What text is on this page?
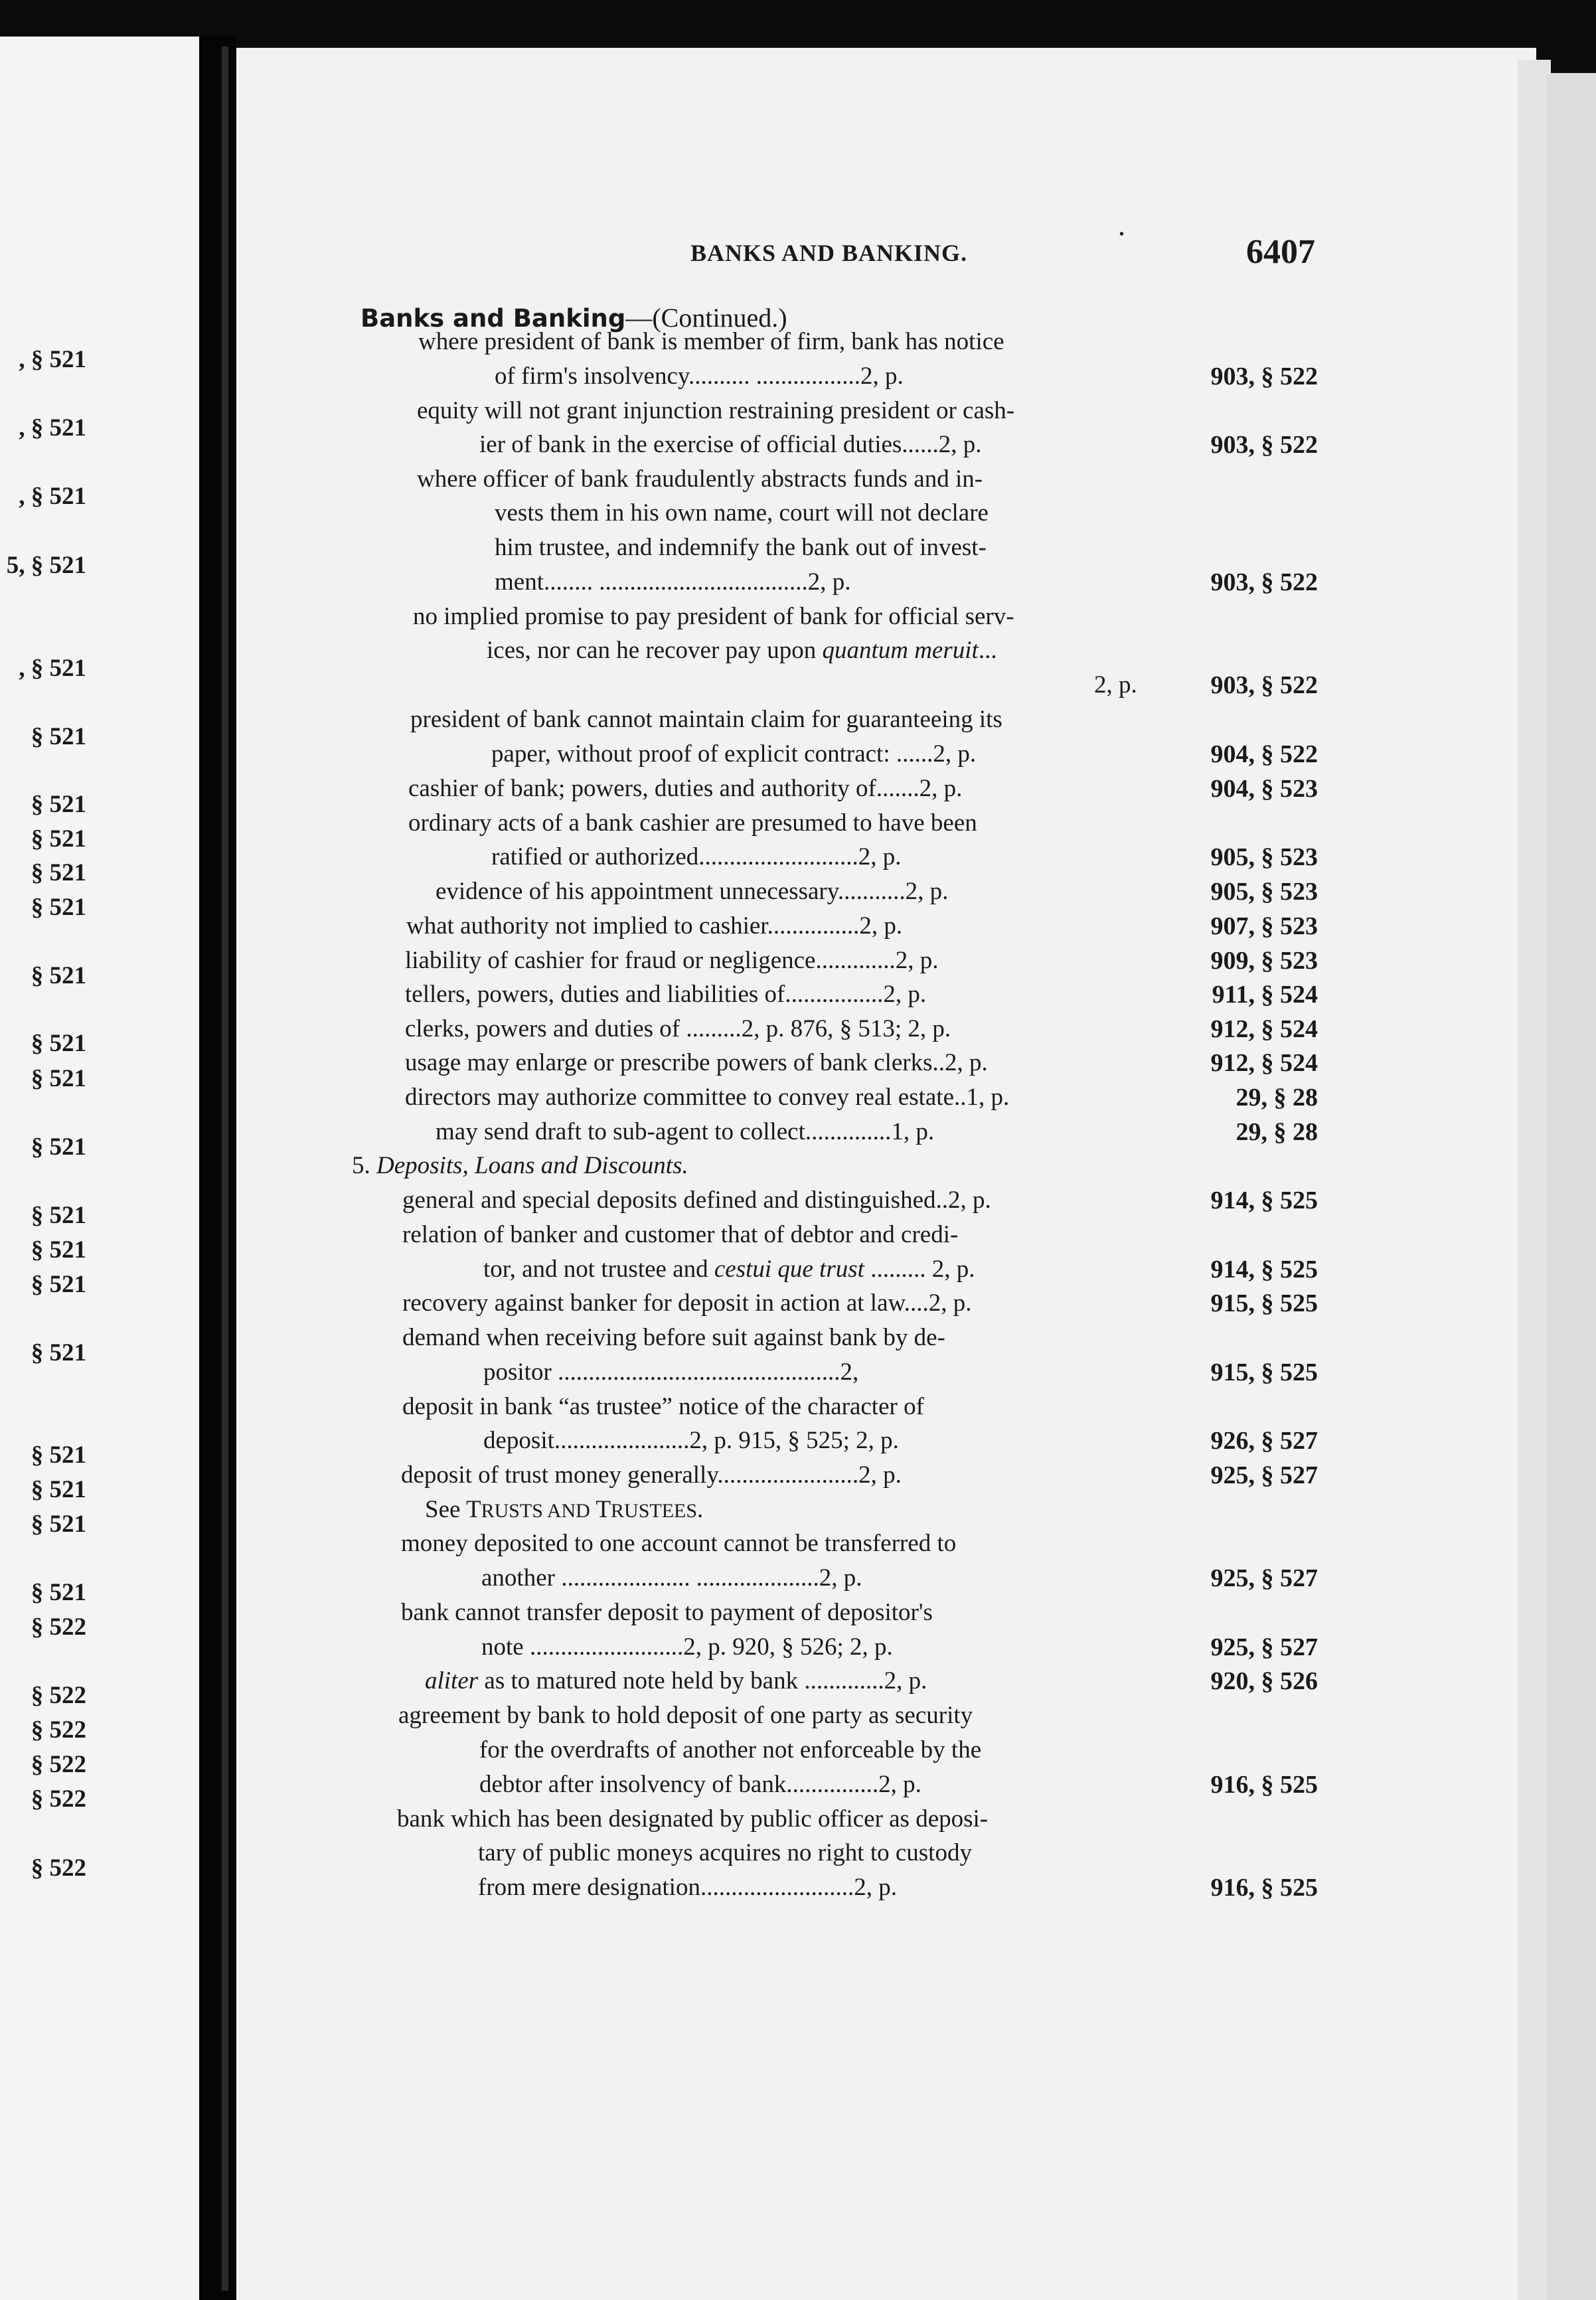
, § 521
, § 521
, § 521
5, § 521
, § 521
§ 521
§ 521
§ 521
§ 521
§ 521
§ 521
§ 521
§ 521
§ 521
§ 521
§ 521
§ 521
§ 521
§ 521
§ 521
§ 521
§ 521
§ 522
§ 522
§ 522
§ 522
§ 522
§ 522
BANKS AND BANKING.
•	6407
Banks and Banking—(Continued.)
where president of bank is member of firm, bank has notice
of firm's insolvency.......... .................2, p.
equity will not grant injunction restraining president or cash-
ier of bank in the exercise of official duties......2, p.
where officer of bank fraudulently abstracts funds and in-
vests them in his own name, court will not declare
him trustee, and indemnify the bank out of invest-
ment........ ..................................2, p.
no implied promise to pay president of bank for official serv-
ices, nor can he recover pay upon quantum meruit...
2, p.
president of bank cannot maintain claim for guaranteeing its
paper, without proof of explicit contract: ......2, p.
cashier of bank; powers, duties and authority of.......2, p.
ordinary acts of a bank cashier are presumed to have been
ratified or authorized..........................2, p.
evidence of his appointment unnecessary...........2, p.
what authority not implied to cashier...............2, p.
liability of cashier for fraud or negligence.............2, p.
tellers, powers, duties and liabilities of................2, p.
clerks, powers and duties of .........2, p. 876, § 513; 2, p.
usage may enlarge or prescribe powers of bank clerks..2, p.
directors may authorize committee to convey real estate..1, p.
may send draft to sub-agent to collect..............1, p.
5. Deposits, Loans and Discounts.
general and special deposits defined and distinguished..2, p.
relation of banker and customer that of debtor and credi-
tor, and not trustee and cestui que trust ......... 2, p.
recovery against banker for deposit in action at law....2, p.
demand when receiving before suit against bank by de-
positor ..............................................2,
deposit in bank “as trustee” notice of the character of
deposit......................2, p. 915, § 525; 2, p.
deposit of trust money generally.......................2, p.
See TRUSTS AND TRUSTEES.
money deposited to one account cannot be transferred to
another ..................... ....................2, p.
bank cannot transfer deposit to payment of depositor's
note .........................2, p. 920, § 526; 2, p.
aliter as to matured note held by bank .............2, p.
agreement by bank to hold deposit of one party as security
for the overdrafts of another not enforceable by the
debtor after insolvency of bank...............2, p.
bank which has been designated by public officer as deposi-
tary of public moneys acquires no right to custody
from mere designation.........................2, p.
903, § 522
903, § 522
903, § 522
903, § 522
904, § 522
904, § 523
905, § 523
905, § 523
907, § 523
909, § 523
911, § 524
912, § 524
912, § 524
29, § 28
29, § 28
914, § 525
914, § 525
915, § 525
915, § 525
926, § 527
925, § 527
925, § 527
925, § 527
920, § 526
916, § 525
916, § 525
